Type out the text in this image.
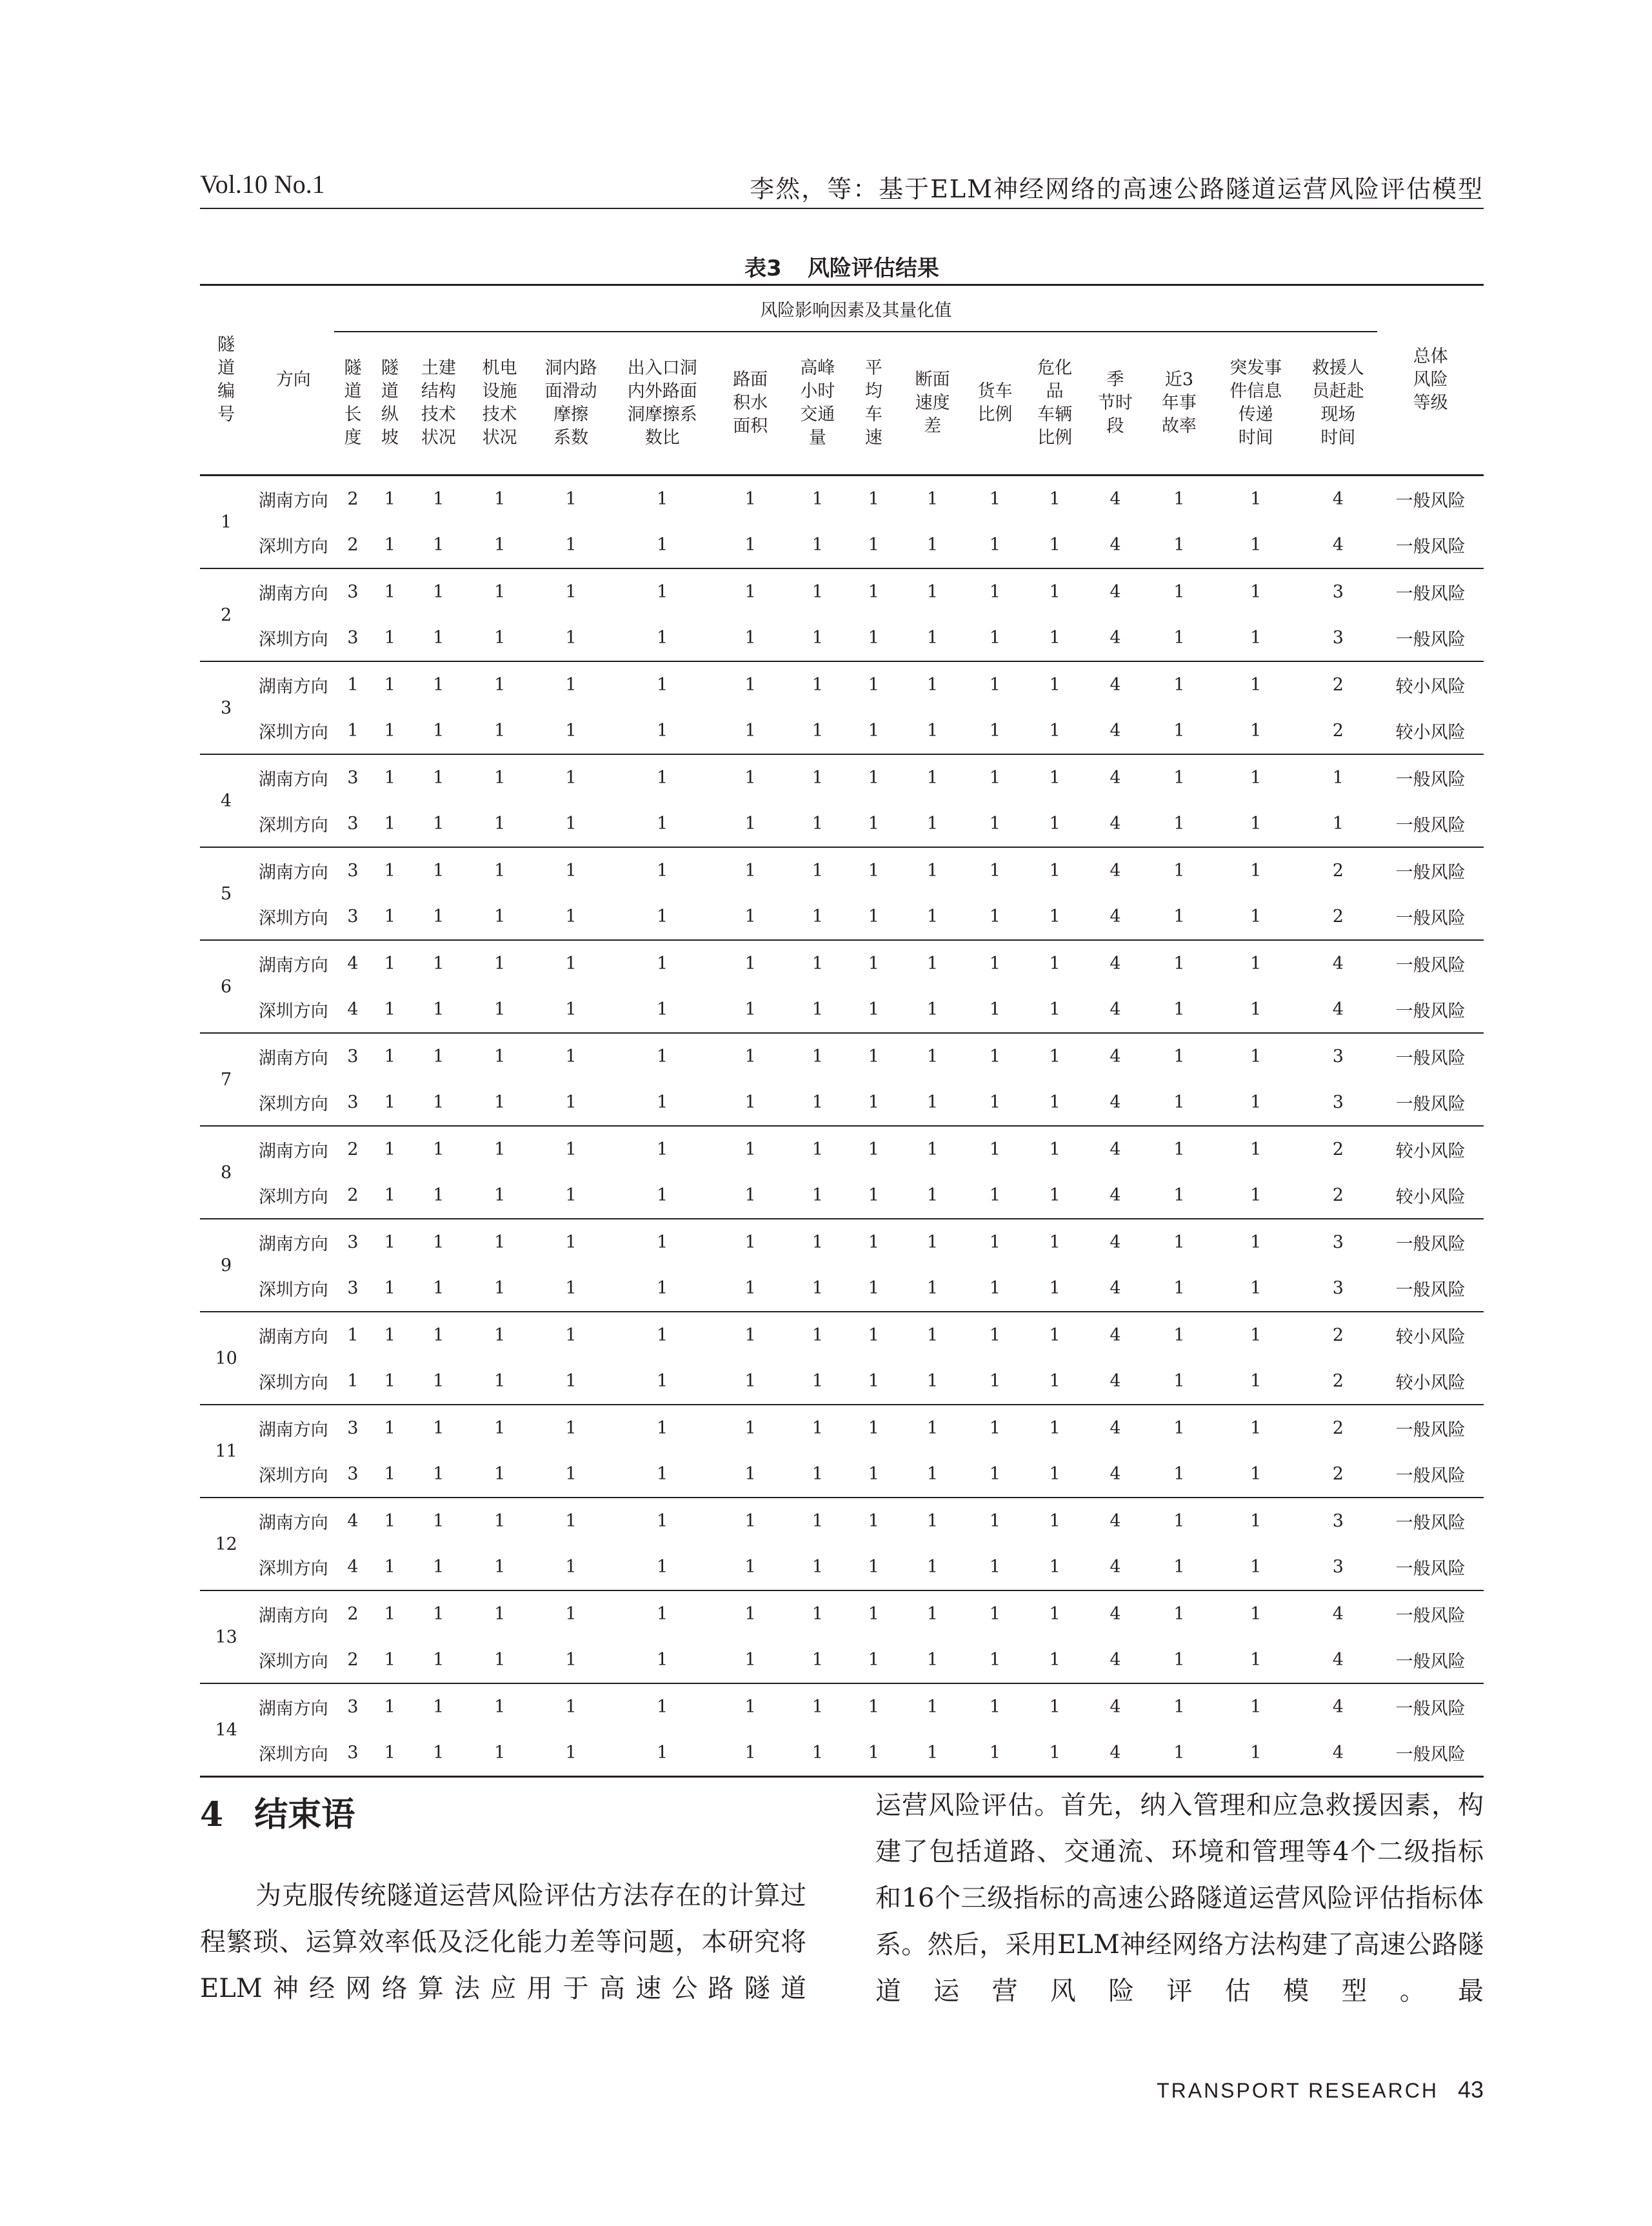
Vol.10 No.1	李然，等：基于ELM神经网络的高速公路隧道运营风险评估模型
表3 风险评估结果
隧
道
编
号	方向	风险影响因素及其量化值																总体
风险
等级
		隧
道
长
度	隧
道
纵
坡	土建
结构
技术
状况	机电
设施
技术
状况	洞内路
面滑动
摩擦
系数	出入口洞
内外路面
洞摩擦系
数比	路面
积水
面积	高峰
小时
交通
量	平
均
车
速	断面
速度
差	货车
比例	危化
品
车辆
比例	季
节时
段	近3
年事
故率	突发事
件信息
传递
时间	救援人
员赶赴
现场
时间	
1	湖南方向	2	1	1	1	1	1	1	1	1	1	1	1	4	1	1	4	一般风险
	深圳方向	2	1	1	1	1	1	1	1	1	1	1	1	4	1	1	4	一般风险
2	湖南方向	3	1	1	1	1	1	1	1	1	1	1	1	4	1	1	3	一般风险
	深圳方向	3	1	1	1	1	1	1	1	1	1	1	1	4	1	1	3	一般风险
3	湖南方向	1	1	1	1	1	1	1	1	1	1	1	1	4	1	1	2	较小风险
	深圳方向	1	1	1	1	1	1	1	1	1	1	1	1	4	1	1	2	较小风险
4	湖南方向	3	1	1	1	1	1	1	1	1	1	1	1	4	1	1	1	一般风险
	深圳方向	3	1	1	1	1	1	1	1	1	1	1	1	4	1	1	1	一般风险
5	湖南方向	3	1	1	1	1	1	1	1	1	1	1	1	4	1	1	2	一般风险
	深圳方向	3	1	1	1	1	1	1	1	1	1	1	1	4	1	1	2	一般风险
6	湖南方向	4	1	1	1	1	1	1	1	1	1	1	1	4	1	1	4	一般风险
	深圳方向	4	1	1	1	1	1	1	1	1	1	1	1	4	1	1	4	一般风险
7	湖南方向	3	1	1	1	1	1	1	1	1	1	1	1	4	1	1	3	一般风险
	深圳方向	3	1	1	1	1	1	1	1	1	1	1	1	4	1	1	3	一般风险
8	湖南方向	2	1	1	1	1	1	1	1	1	1	1	1	4	1	1	2	较小风险
	深圳方向	2	1	1	1	1	1	1	1	1	1	1	1	4	1	1	2	较小风险
9	湖南方向	3	1	1	1	1	1	1	1	1	1	1	1	4	1	1	3	一般风险
	深圳方向	3	1	1	1	1	1	1	1	1	1	1	1	4	1	1	3	一般风险
10	湖南方向	1	1	1	1	1	1	1	1	1	1	1	1	4	1	1	2	较小风险
	深圳方向	1	1	1	1	1	1	1	1	1	1	1	1	4	1	1	2	较小风险
11	湖南方向	3	1	1	1	1	1	1	1	1	1	1	1	4	1	1	2	一般风险
	深圳方向	3	1	1	1	1	1	1	1	1	1	1	1	4	1	1	2	一般风险
12	湖南方向	4	1	1	1	1	1	1	1	1	1	1	1	4	1	1	3	一般风险
	深圳方向	4	1	1	1	1	1	1	1	1	1	1	1	4	1	1	3	一般风险
13	湖南方向	2	1	1	1	1	1	1	1	1	1	1	1	4	1	1	4	一般风险
	深圳方向	2	1	1	1	1	1	1	1	1	1	1	1	4	1	1	4	一般风险
14	湖南方向	3	1	1	1	1	1	1	1	1	1	1	1	4	1	1	4	一般风险
	深圳方向	3	1	1	1	1	1	1	1	1	1	1	1	4	1	1	4	一般风险
4 结束语
为克服传统隧道运营风险评估方法存在的计算过程繁琐、运算效率低及泛化能力差等问题，本研究将ELM神经网络算法应用于高速公路隧道
运营风险评估。首先，纳入管理和应急救援因素，构建了包括道路、交通流、环境和管理等4个二级指标和16个三级指标的高速公路隧道运营风险评估指标体系。然后，采用ELM神经网络方法构建了高速公路隧道运营风险评估模型。最
TRANSPORT RESEARCH 43
